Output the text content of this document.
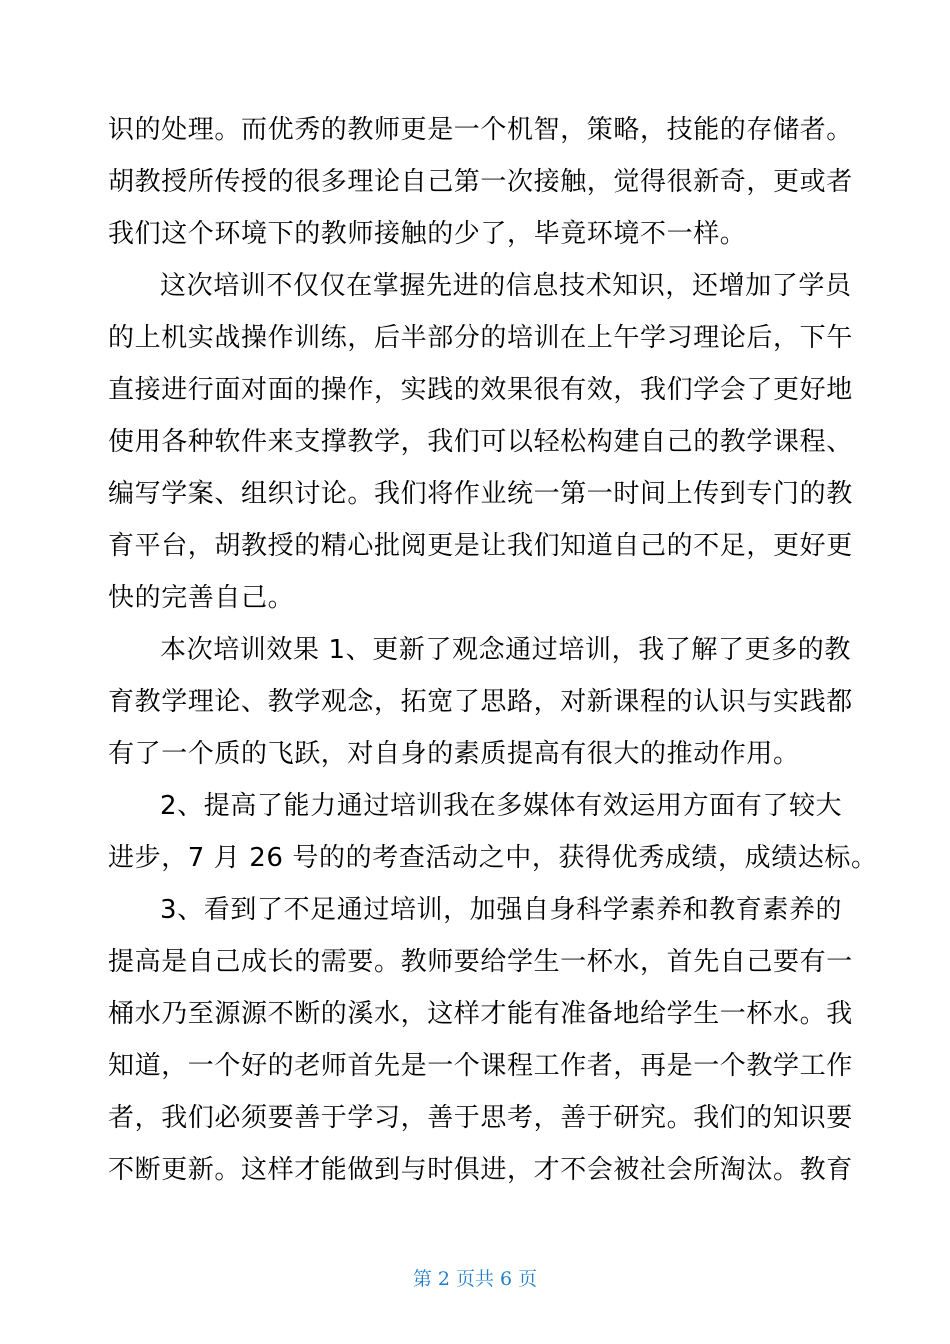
识的处理。而优秀的教师更是一个机智，策略，技能的存储者。
胡教授所传授的很多理论自己第一次接触，觉得很新奇，更或者
我们这个环境下的教师接触的少了，毕竟环境不一样。
这次培训不仅仅在掌握先进的信息技术知识，还增加了学员
的上机实战操作训练，后半部分的培训在上午学习理论后，下午
直接进行面对面的操作，实践的效果很有效，我们学会了更好地
使用各种软件来支撑教学，我们可以轻松构建自己的教学课程、
编写学案、组织讨论。我们将作业统一第一时间上传到专门的教
育平台，胡教授的精心批阅更是让我们知道自己的不足，更好更
快的完善自己。
本次培训效果 1、更新了观念通过培训，我了解了更多的教
育教学理论、教学观念，拓宽了思路，对新课程的认识与实践都
有了一个质的飞跃，对自身的素质提高有很大的推动作用。
2、提高了能力通过培训我在多媒体有效运用方面有了较大
进步，7 月 26 号的的考查活动之中，获得优秀成绩，成绩达标。
3、看到了不足通过培训，加强自身科学素养和教育素养的
提高是自己成长的需要。教师要给学生一杯水，首先自己要有一
桶水乃至源源不断的溪水，这样才能有准备地给学生一杯水。我
知道，一个好的老师首先是一个课程工作者，再是一个教学工作
者，我们必须要善于学习，善于思考，善于研究。我们的知识要
不断更新。这样才能做到与时俱进，才不会被社会所淘汰。教育
第 2 页共 6 页
